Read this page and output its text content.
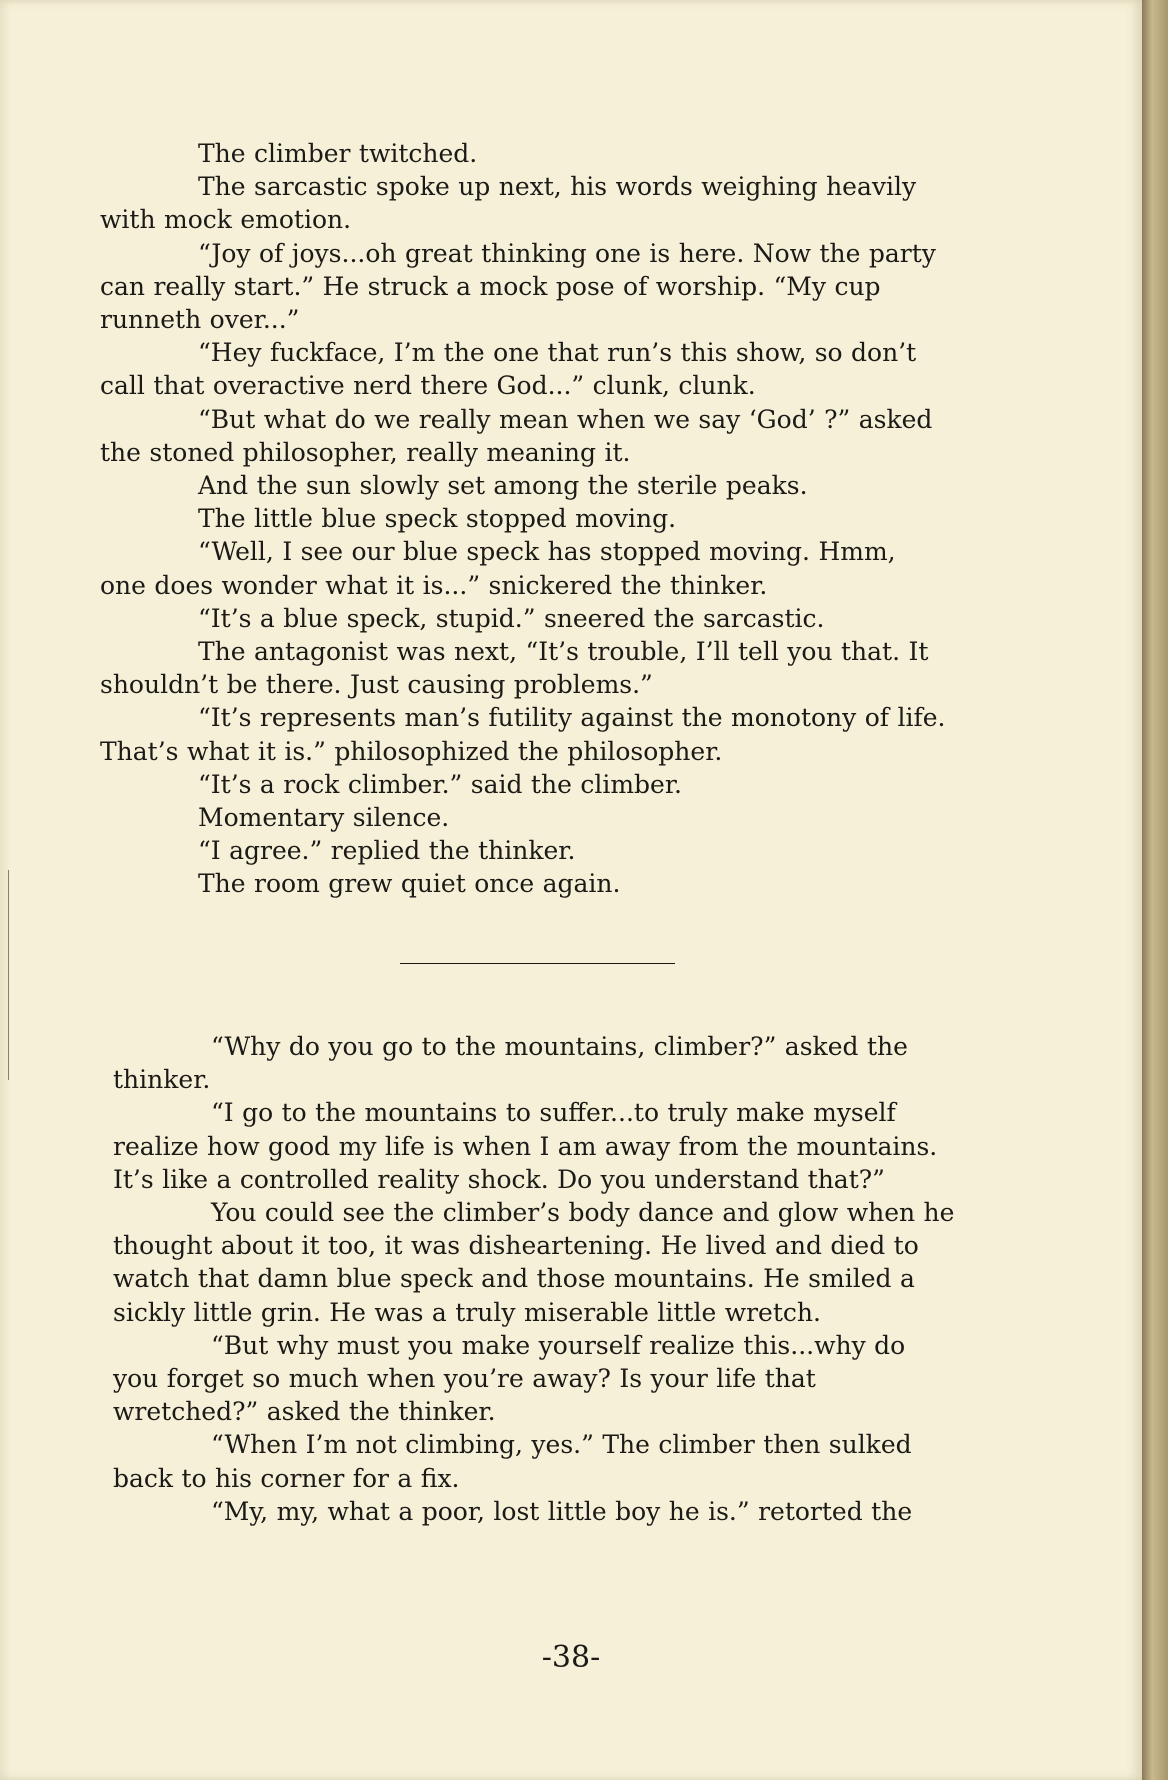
The climber twitched.

The sarcastic spoke up next, his words weighing heavily
with mock emotion.

“Joy of joys...oh great thinking one is here. Now the party
can really start.” He struck a mock pose of worship. “My cup
runneth over...”

“Hey fuckface, I’m the one that run’s this show, so don’t
call that overactive nerd there God...” clunk, clunk.

“But what do we really mean when we say ‘God’ ?” asked
the stoned philosopher, really meaning it.

And the sun slowly set among the sterile peaks.

The little blue speck stopped moving.

“Well, I see our blue speck has stopped moving. Hmm,
one does wonder what it is...” snickered the thinker.

“It’s a blue speck, stupid.” sneered the sarcastic.

The antagonist was next, “It’s trouble, I’ll tell you that. It
shouldn’t be there. Just causing problems.”

“It’s represents man’s futility against the monotony of life.
That’s what it is.” philosophized the philosopher.

“It’s a rock climber.” said the climber.

Momentary silence.

“I agree.” replied the thinker.

The room grew quiet once again.

“Why do you go to the mountains, climber?” asked the
thinker.

“I go to the mountains to suffer...to truly make myself
realize how good my life is when I am away from the mountains.
It’s like a controlled reality shock. Do you understand that?”

You could see the climber’s body dance and glow when he
thought about it too, it was disheartening. He lived and died to
watch that damn blue speck and those mountains. He smiled a
sickly little grin. He was a truly miserable little wretch.

“But why must you make yourself realize this...why do
you forget so much when you’re away? Is your life that
wretched?” asked the thinker.

“When I’m not climbing, yes.” The climber then sulked
back to his corner for a fix.

“My, my, what a poor, lost little boy he is.” retorted the

-38-
